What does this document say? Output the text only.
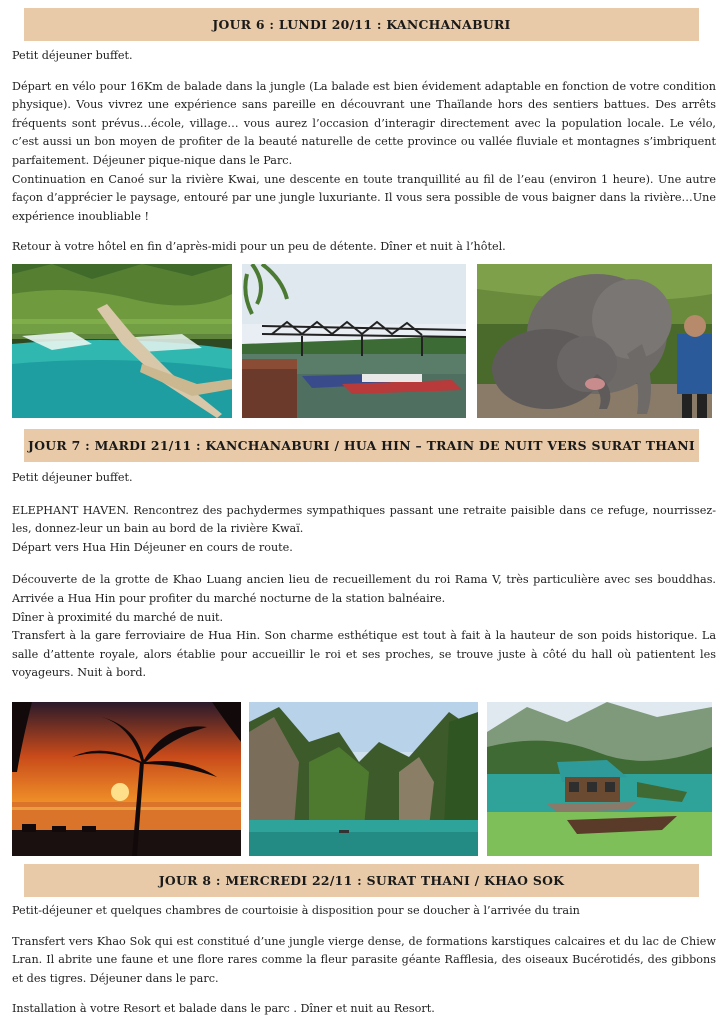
JOUR 6 : LUNDI 20/11 : KANCHANABURI

Petit déjeuner buffet.

Départ en vélo pour 16Km de balade dans la jungle (La balade est bien évidement adaptable en fonction de votre condition physique). Vous vivrez une expérience sans pareille en découvrant une Thaïlande hors des sentiers battues. Des arrêts fréquents sont prévus…école, village… vous aurez l’occasion d’interagir directement avec la population locale. Le vélo, c’est aussi un bon moyen de profiter de la beauté naturelle de cette province ou vallée fluviale et montagnes s’imbriquent parfaitement. Déjeuner pique-nique dans le Parc.

Continuation en Canoé sur la rivière Kwai, une descente en toute tranquillité au fil de l’eau (environ 1 heure). Une autre façon d’apprécier le paysage, entouré par une jungle luxuriante. Il vous sera possible de vous baigner dans la rivière…Une expérience inoubliable !

Retour à votre hôtel en fin d’après-midi pour un peu de détente. Dîner et nuit à l’hôtel.

JOUR 7 : MARDI 21/11 : KANCHANABURI / HUA HIN – TRAIN DE NUIT VERS SURAT THANI

Petit déjeuner buffet.

ELEPHANT HAVEN. Rencontrez des pachydermes sympathiques passant une retraite paisible dans ce refuge, nourrissez-les, donnez-leur un bain au bord de la rivière Kwaï.

Départ vers Hua Hin Déjeuner en cours de route.

Découverte de la grotte de Khao Luang ancien lieu de recueillement du roi Rama V, très particulière avec ses bouddhas. Arrivée a Hua Hin pour profiter du marché nocturne de la station balnéaire.

Dîner à proximité du marché de nuit.

Transfert à la gare ferroviaire de Hua Hin. Son charme esthétique est tout à fait à la hauteur de son poids historique. La salle d’attente royale, alors établie pour accueillir le roi et ses proches, se trouve juste à côté du hall où patientent les voyageurs. Nuit à bord.

JOUR 8 : MERCREDI 22/11 : SURAT THANI / KHAO SOK

Petit-déjeuner et quelques chambres de courtoisie à disposition pour se doucher à l’arrivée du train

Transfert vers Khao Sok qui est constitué d’une jungle vierge dense, de formations karstiques calcaires et du lac de Chiew Lran. Il abrite une faune et une flore rares comme la fleur parasite géante Rafflesia, des oiseaux Bucérotidés, des gibbons et des tigres. Déjeuner dans le parc.

Installation à votre Resort et balade dans le parc . Dîner et nuit au Resort.
